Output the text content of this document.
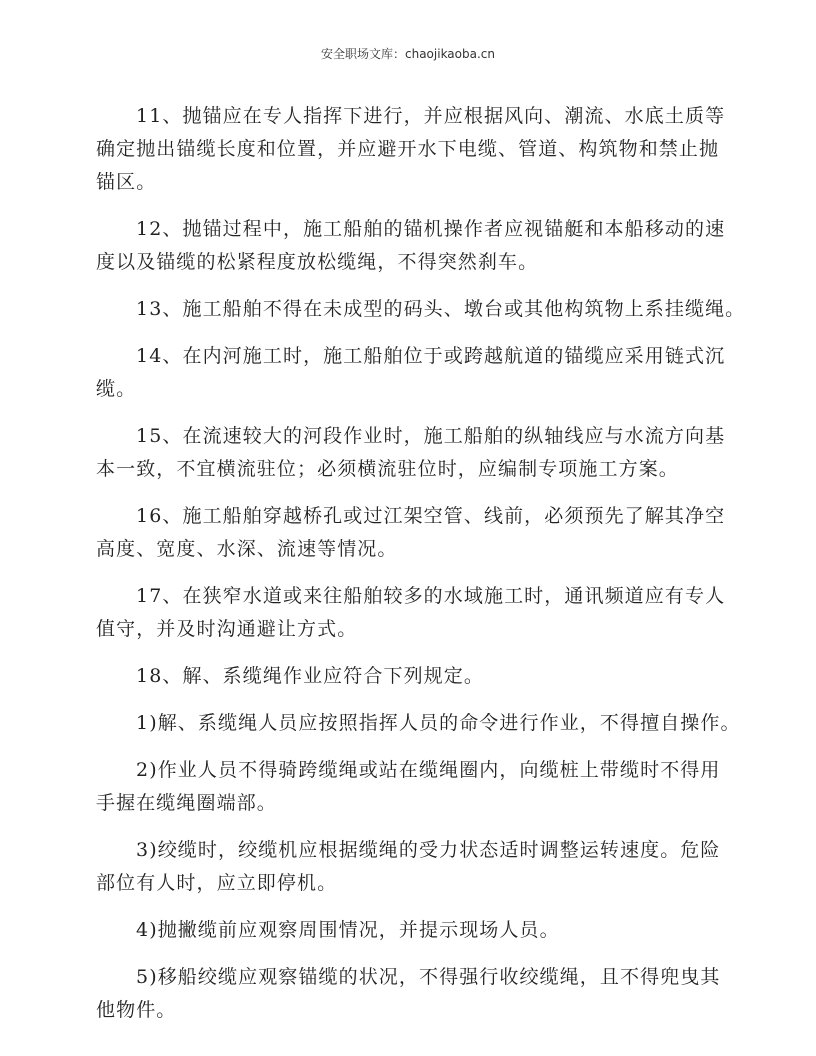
安全职场文库：chaojikaoba.cn
11、抛锚应在专人指挥下进行，并应根据风向、潮流、水底土质等
确定抛出锚缆长度和位置，并应避开水下电缆、管道、构筑物和禁止抛
锚区。
12、抛锚过程中，施工船舶的锚机操作者应视锚艇和本船移动的速
度以及锚缆的松紧程度放松缆绳，不得突然刹车。
13、施工船舶不得在未成型的码头、墩台或其他构筑物上系挂缆绳。
14、在内河施工时，施工船舶位于或跨越航道的锚缆应采用链式沉
缆。
15、在流速较大的河段作业时，施工船舶的纵轴线应与水流方向基
本一致，不宜横流驻位；必须横流驻位时，应编制专项施工方案。
16、施工船舶穿越桥孔或过江架空管、线前，必须预先了解其净空
高度、宽度、水深、流速等情况。
17、在狭窄水道或来往船舶较多的水域施工时，通讯频道应有专人
值守，并及时沟通避让方式。
18、解、系缆绳作业应符合下列规定。
1)解、系缆绳人员应按照指挥人员的命令进行作业，不得擅自操作。
2)作业人员不得骑跨缆绳或站在缆绳圈内，向缆桩上带缆时不得用
手握在缆绳圈端部。
3)绞缆时，绞缆机应根据缆绳的受力状态适时调整运转速度。危险
部位有人时，应立即停机。
4)抛撇缆前应观察周围情况，并提示现场人员。
5)移船绞缆应观察锚缆的状况，不得强行收绞缆绳，且不得兜曳其
他物件。
